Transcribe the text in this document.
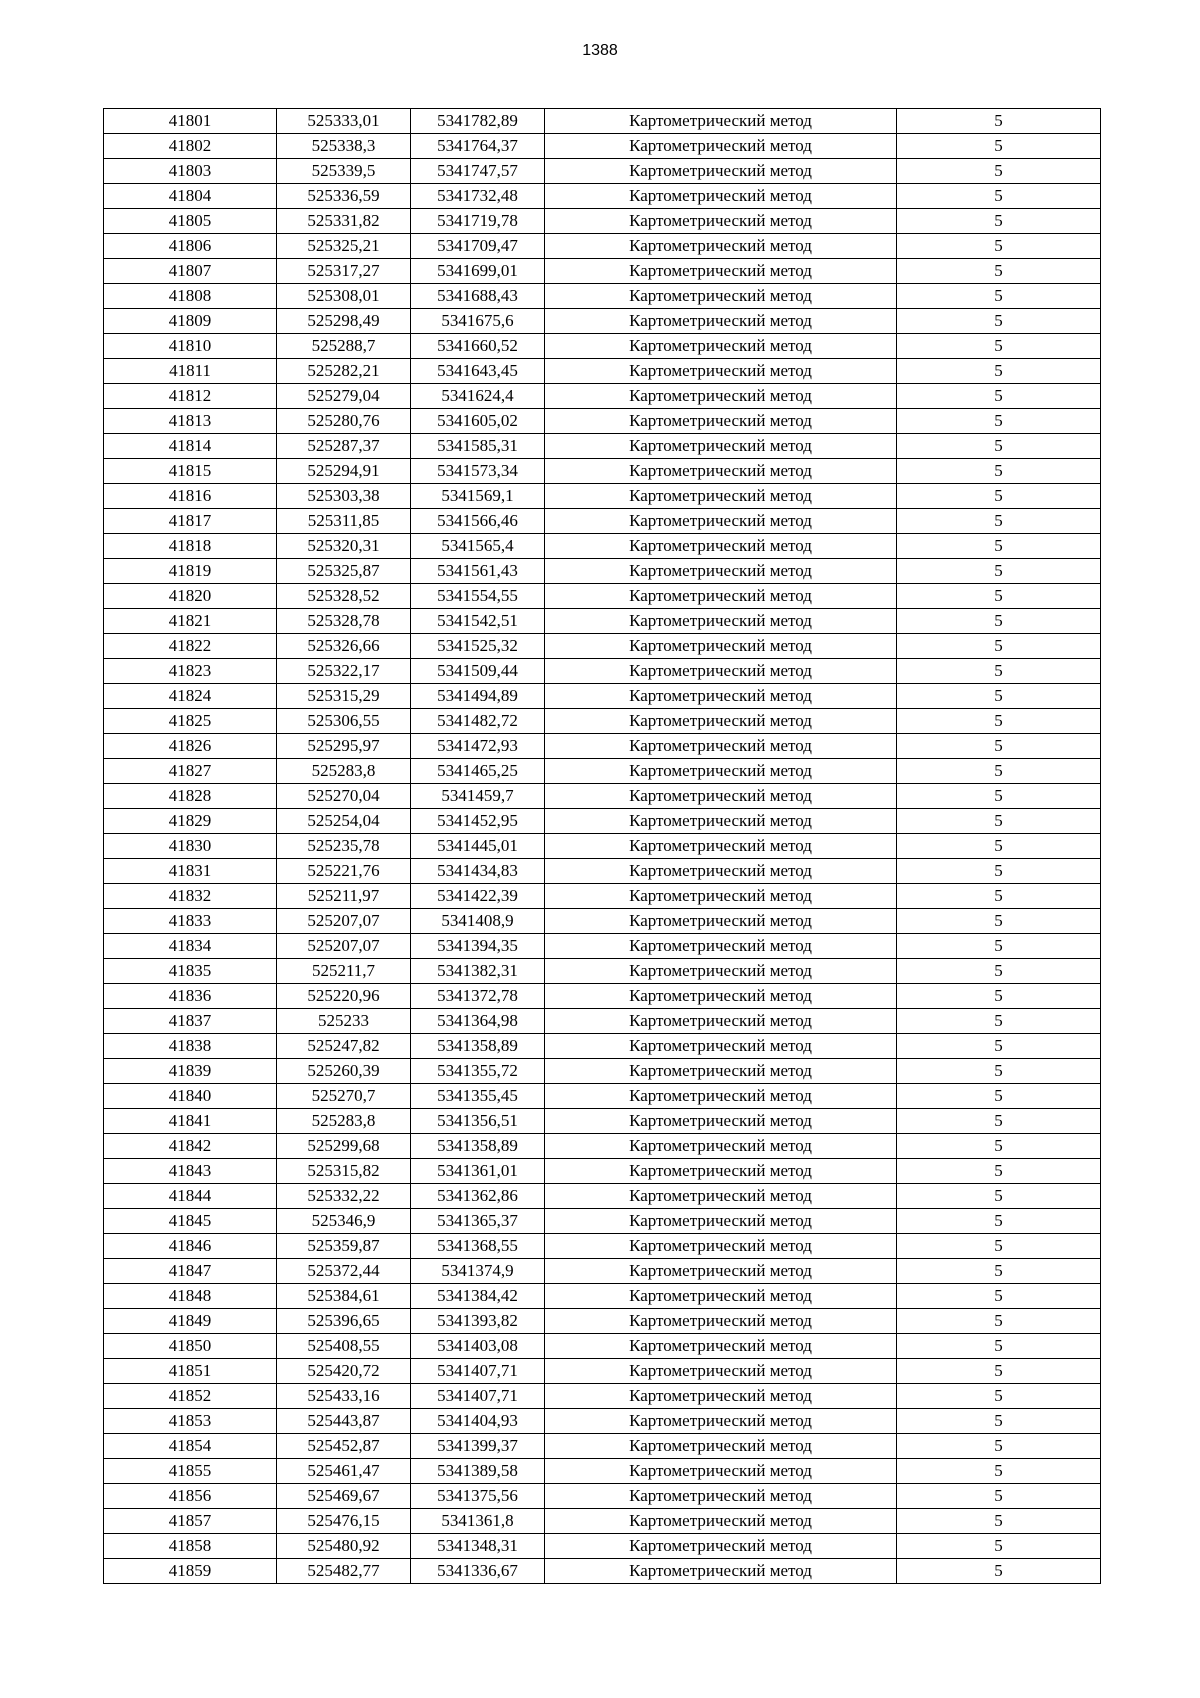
1388
41801	525333,01	5341782,89	Картометрический метод	5
41802	525338,3	5341764,37	Картометрический метод	5
41803	525339,5	5341747,57	Картометрический метод	5
41804	525336,59	5341732,48	Картометрический метод	5
41805	525331,82	5341719,78	Картометрический метод	5
41806	525325,21	5341709,47	Картометрический метод	5
41807	525317,27	5341699,01	Картометрический метод	5
41808	525308,01	5341688,43	Картометрический метод	5
41809	525298,49	5341675,6	Картометрический метод	5
41810	525288,7	5341660,52	Картометрический метод	5
41811	525282,21	5341643,45	Картометрический метод	5
41812	525279,04	5341624,4	Картометрический метод	5
41813	525280,76	5341605,02	Картометрический метод	5
41814	525287,37	5341585,31	Картометрический метод	5
41815	525294,91	5341573,34	Картометрический метод	5
41816	525303,38	5341569,1	Картометрический метод	5
41817	525311,85	5341566,46	Картометрический метод	5
41818	525320,31	5341565,4	Картометрический метод	5
41819	525325,87	5341561,43	Картометрический метод	5
41820	525328,52	5341554,55	Картометрический метод	5
41821	525328,78	5341542,51	Картометрический метод	5
41822	525326,66	5341525,32	Картометрический метод	5
41823	525322,17	5341509,44	Картометрический метод	5
41824	525315,29	5341494,89	Картометрический метод	5
41825	525306,55	5341482,72	Картометрический метод	5
41826	525295,97	5341472,93	Картометрический метод	5
41827	525283,8	5341465,25	Картометрический метод	5
41828	525270,04	5341459,7	Картометрический метод	5
41829	525254,04	5341452,95	Картометрический метод	5
41830	525235,78	5341445,01	Картометрический метод	5
41831	525221,76	5341434,83	Картометрический метод	5
41832	525211,97	5341422,39	Картометрический метод	5
41833	525207,07	5341408,9	Картометрический метод	5
41834	525207,07	5341394,35	Картометрический метод	5
41835	525211,7	5341382,31	Картометрический метод	5
41836	525220,96	5341372,78	Картометрический метод	5
41837	525233	5341364,98	Картометрический метод	5
41838	525247,82	5341358,89	Картометрический метод	5
41839	525260,39	5341355,72	Картометрический метод	5
41840	525270,7	5341355,45	Картометрический метод	5
41841	525283,8	5341356,51	Картометрический метод	5
41842	525299,68	5341358,89	Картометрический метод	5
41843	525315,82	5341361,01	Картометрический метод	5
41844	525332,22	5341362,86	Картометрический метод	5
41845	525346,9	5341365,37	Картометрический метод	5
41846	525359,87	5341368,55	Картометрический метод	5
41847	525372,44	5341374,9	Картометрический метод	5
41848	525384,61	5341384,42	Картометрический метод	5
41849	525396,65	5341393,82	Картометрический метод	5
41850	525408,55	5341403,08	Картометрический метод	5
41851	525420,72	5341407,71	Картометрический метод	5
41852	525433,16	5341407,71	Картометрический метод	5
41853	525443,87	5341404,93	Картометрический метод	5
41854	525452,87	5341399,37	Картометрический метод	5
41855	525461,47	5341389,58	Картометрический метод	5
41856	525469,67	5341375,56	Картометрический метод	5
41857	525476,15	5341361,8	Картометрический метод	5
41858	525480,92	5341348,31	Картометрический метод	5
41859	525482,77	5341336,67	Картометрический метод	5
